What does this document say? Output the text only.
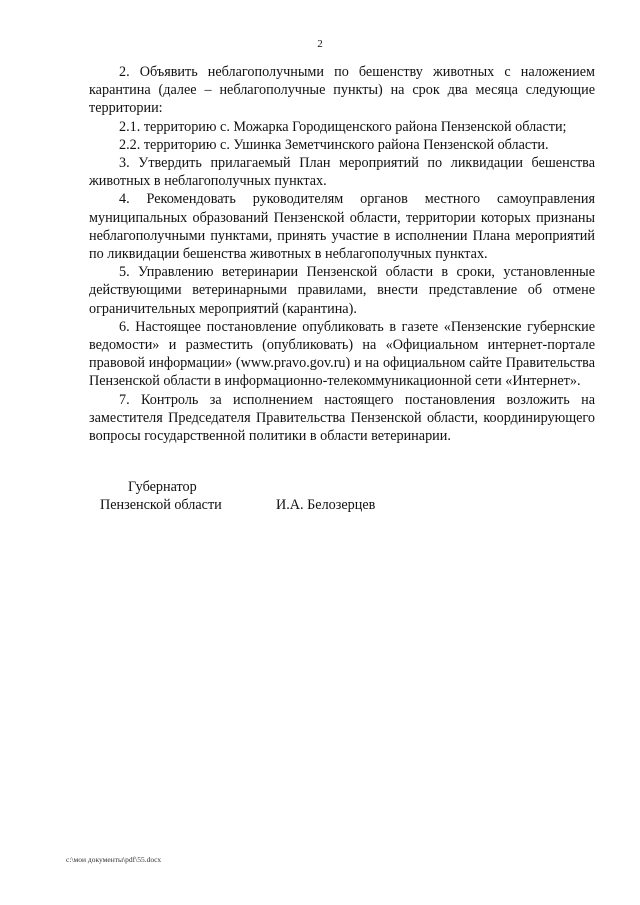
2

2. Объявить неблагополучными по бешенству животных с наложением карантина (далее – неблагополучные пункты) на срок два месяца следующие территории:

2.1. территорию с. Можарка Городищенского района Пензенской области;

2.2. территорию с. Ушинка Земетчинского района Пензенской области.

3. Утвердить прилагаемый План мероприятий по ликвидации бешенства животных в неблагополучных пунктах.

4. Рекомендовать руководителям органов местного самоуправления муниципальных образований Пензенской области, территории которых признаны неблагополучными пунктами, принять участие в исполнении Плана мероприятий по ликвидации бешенства животных в неблагополучных пунктах.

5. Управлению ветеринарии Пензенской области в сроки, установленные действующими ветеринарными правилами, внести представление об отмене ограничительных мероприятий (карантина).

6. Настоящее постановление опубликовать в газете «Пензенские губернские ведомости» и разместить (опубликовать) на «Официальном интернет-портале правовой информации» (www.pravo.gov.ru) и на официальном сайте Правительства Пензенской области в информационно-телекоммуникационной сети «Интернет».

7. Контроль за исполнением настоящего постановления возложить на заместителя Председателя Правительства Пензенской области, координирующего вопросы государственной политики в области ветеринарии.

Губернатор
Пензенской области	И.А. Белозерцев
c:\мои документы\pdf\55.docx
